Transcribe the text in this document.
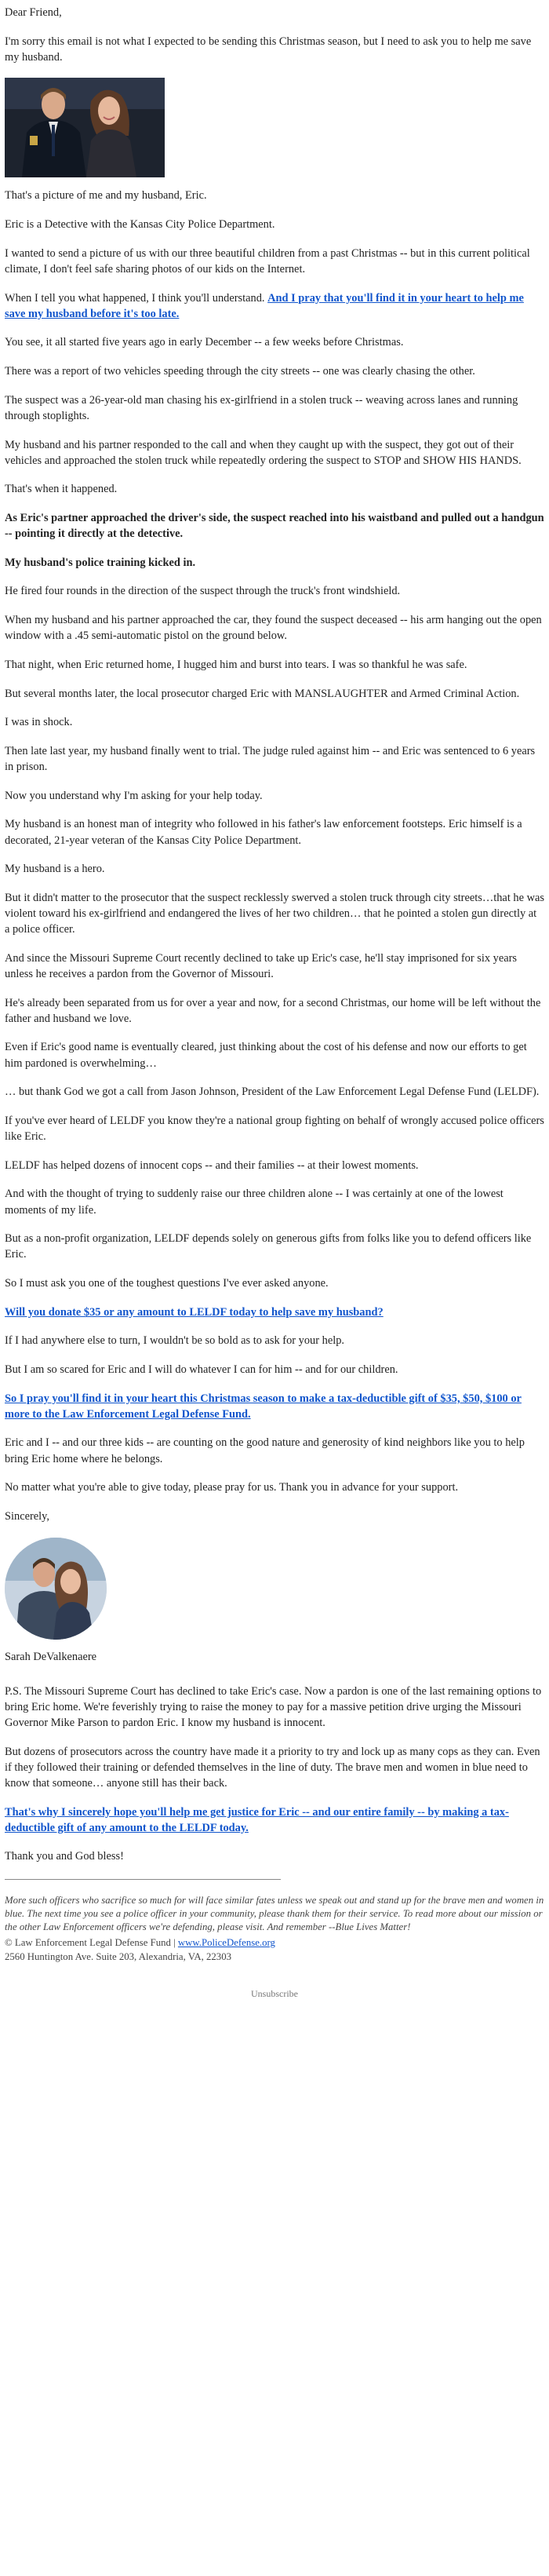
Dear Friend,

I'm sorry this email is not what I expected to be sending this Christmas season, but I need to ask you to help me save my husband.

That's a picture of me and my husband, Eric.

Eric is a Detective with the Kansas City Police Department.

I wanted to send a picture of us with our three beautiful children from a past Christmas -- but in this current political climate, I don't feel safe sharing photos of our kids on the Internet.

When I tell you what happened, I think you'll understand. And I pray that you'll find it in your heart to help me save my husband before it's too late.

You see, it all started five years ago in early December -- a few weeks before Christmas.

There was a report of two vehicles speeding through the city streets -- one was clearly chasing the other.

The suspect was a 26-year-old man chasing his ex-girlfriend in a stolen truck -- weaving across lanes and running through stoplights.

My husband and his partner responded to the call and when they caught up with the suspect, they got out of their vehicles and approached the stolen truck while repeatedly ordering the suspect to STOP and SHOW HIS HANDS.

That's when it happened.

As Eric's partner approached the driver's side, the suspect reached into his waistband and pulled out a handgun -- pointing it directly at the detective.

My husband's police training kicked in.

He fired four rounds in the direction of the suspect through the truck's front windshield.

When my husband and his partner approached the car, they found the suspect deceased -- his arm hanging out the open window with a .45 semi-automatic pistol on the ground below.

That night, when Eric returned home, I hugged him and burst into tears. I was so thankful he was safe.

But several months later, the local prosecutor charged Eric with MANSLAUGHTER and Armed Criminal Action.

I was in shock.

Then late last year, my husband finally went to trial. The judge ruled against him -- and Eric was sentenced to 6 years in prison.

Now you understand why I'm asking for your help today.

My husband is an honest man of integrity who followed in his father's law enforcement footsteps. Eric himself is a decorated, 21-year veteran of the Kansas City Police Department.

My husband is a hero.

But it didn't matter to the prosecutor that the suspect recklessly swerved a stolen truck through city streets…that he was violent toward his ex-girlfriend and endangered the lives of her two children… that he pointed a stolen gun directly at a police officer.

And since the Missouri Supreme Court recently declined to take up Eric's case, he'll stay imprisoned for six years unless he receives a pardon from the Governor of Missouri.

He's already been separated from us for over a year and now, for a second Christmas, our home will be left without the father and husband we love.

Even if Eric's good name is eventually cleared, just thinking about the cost of his defense and now our efforts to get him pardoned is overwhelming…

… but thank God we got a call from Jason Johnson, President of the Law Enforcement Legal Defense Fund (LELDF).

If you've ever heard of LELDF you know they're a national group fighting on behalf of wrongly accused police officers like Eric.

LELDF has helped dozens of innocent cops -- and their families -- at their lowest moments.

And with the thought of trying to suddenly raise our three children alone -- I was certainly at one of the lowest moments of my life.

But as a non-profit organization, LELDF depends solely on generous gifts from folks like you to defend officers like Eric.

So I must ask you one of the toughest questions I've ever asked anyone.

Will you donate $35 or any amount to LELDF today to help save my husband?

If I had anywhere else to turn, I wouldn't be so bold as to ask for your help.

But I am so scared for Eric and I will do whatever I can for him -- and for our children.

So I pray you'll find it in your heart this Christmas season to make a tax-deductible gift of $35, $50, $100 or more to the Law Enforcement Legal Defense Fund.

Eric and I -- and our three kids -- are counting on the good nature and generosity of kind neighbors like you to help bring Eric home where he belongs.

No matter what you're able to give today, please pray for us. Thank you in advance for your support.

Sincerely,

Sarah DeValkenaere

P.S. The Missouri Supreme Court has declined to take Eric's case. Now a pardon is one of the last remaining options to bring Eric home. We're feverishly trying to raise the money to pay for a massive petition drive urging the Missouri Governor Mike Parson to pardon Eric. I know my husband is innocent.

But dozens of prosecutors across the country have made it a priority to try and lock up as many cops as they can. Even if they followed their training or defended themselves in the line of duty. The brave men and women in blue need to know that someone… anyone still has their back.

That's why I sincerely hope you'll help me get justice for Eric -- and our entire family -- by making a tax-deductible gift of any amount to the LELDF today.

Thank you and God bless!

More such officers who sacrifice so much for will face similar fates unless we speak out and stand up for the brave men and women in blue. The next time you see a police officer in your community, please thank them for their service. To read more about our mission or the other Law Enforcement officers we're defending, please visit. And remember --Blue Lives Matter!

© Law Enforcement Legal Defense Fund | www.PoliceDefense.org

2560 Huntington Ave. Suite 203, Alexandria, VA, 22303

Unsubscribe
